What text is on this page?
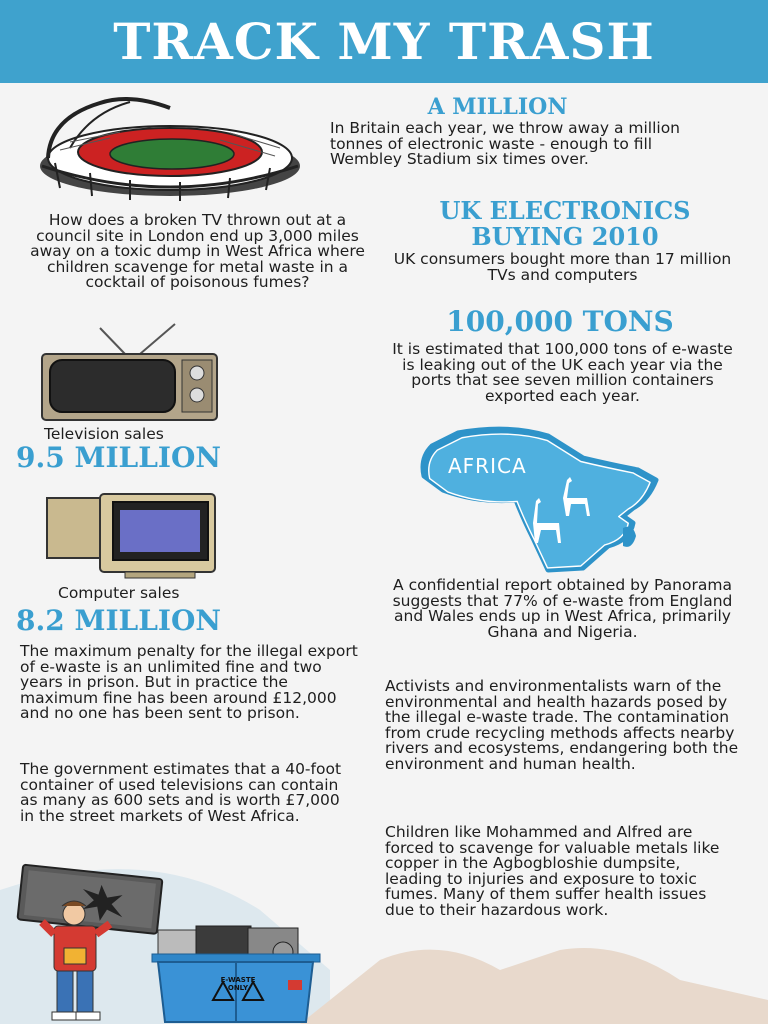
TRACK MY TRASH
A MILLION
In Britain each year, we throw away a million tonnes of electronic waste - enough to fill Wembley Stadium six times over.
How does a broken TV thrown out at a council site in London end up 3,000 miles away on a toxic dump in West Africa where children scavenge for metal waste in a cocktail of poisonous fumes?
UK ELECTRONICS
BUYING 2010
UK consumers bought more than 17 million TVs and computers
100,000 TONS
It is estimated that 100,000 tons of e-waste is leaking out of the UK each year via the ports that see seven million containers exported each year.
Television sales
9.5 MILLION
Computer sales
8.2 MILLION
AFRICA
A confidential report obtained by Panorama suggests that 77% of e-waste from England and Wales ends up in West Africa, primarily Ghana and Nigeria.
The maximum penalty for the illegal export of e-waste is an unlimited fine and two years in prison. But in practice the maximum fine has been around £12,000 and no one has been sent to prison.
The government estimates that a 40-foot container of used televisions can contain as many as 600 sets and is worth £7,000 in the street markets of West Africa.
Activists and environmentalists warn of the environmental and health hazards posed by the illegal e-waste trade. The contamination from crude recycling methods affects nearby rivers and ecosystems, endangering both the environment and human health.
Children like Mohammed and Alfred are forced to scavenge for valuable metals like copper in the Agbogbloshie dumpsite, leading to injuries and exposure to toxic fumes. Many of them suffer health issues due to their hazardous work.
E-WASTE
ONLY
